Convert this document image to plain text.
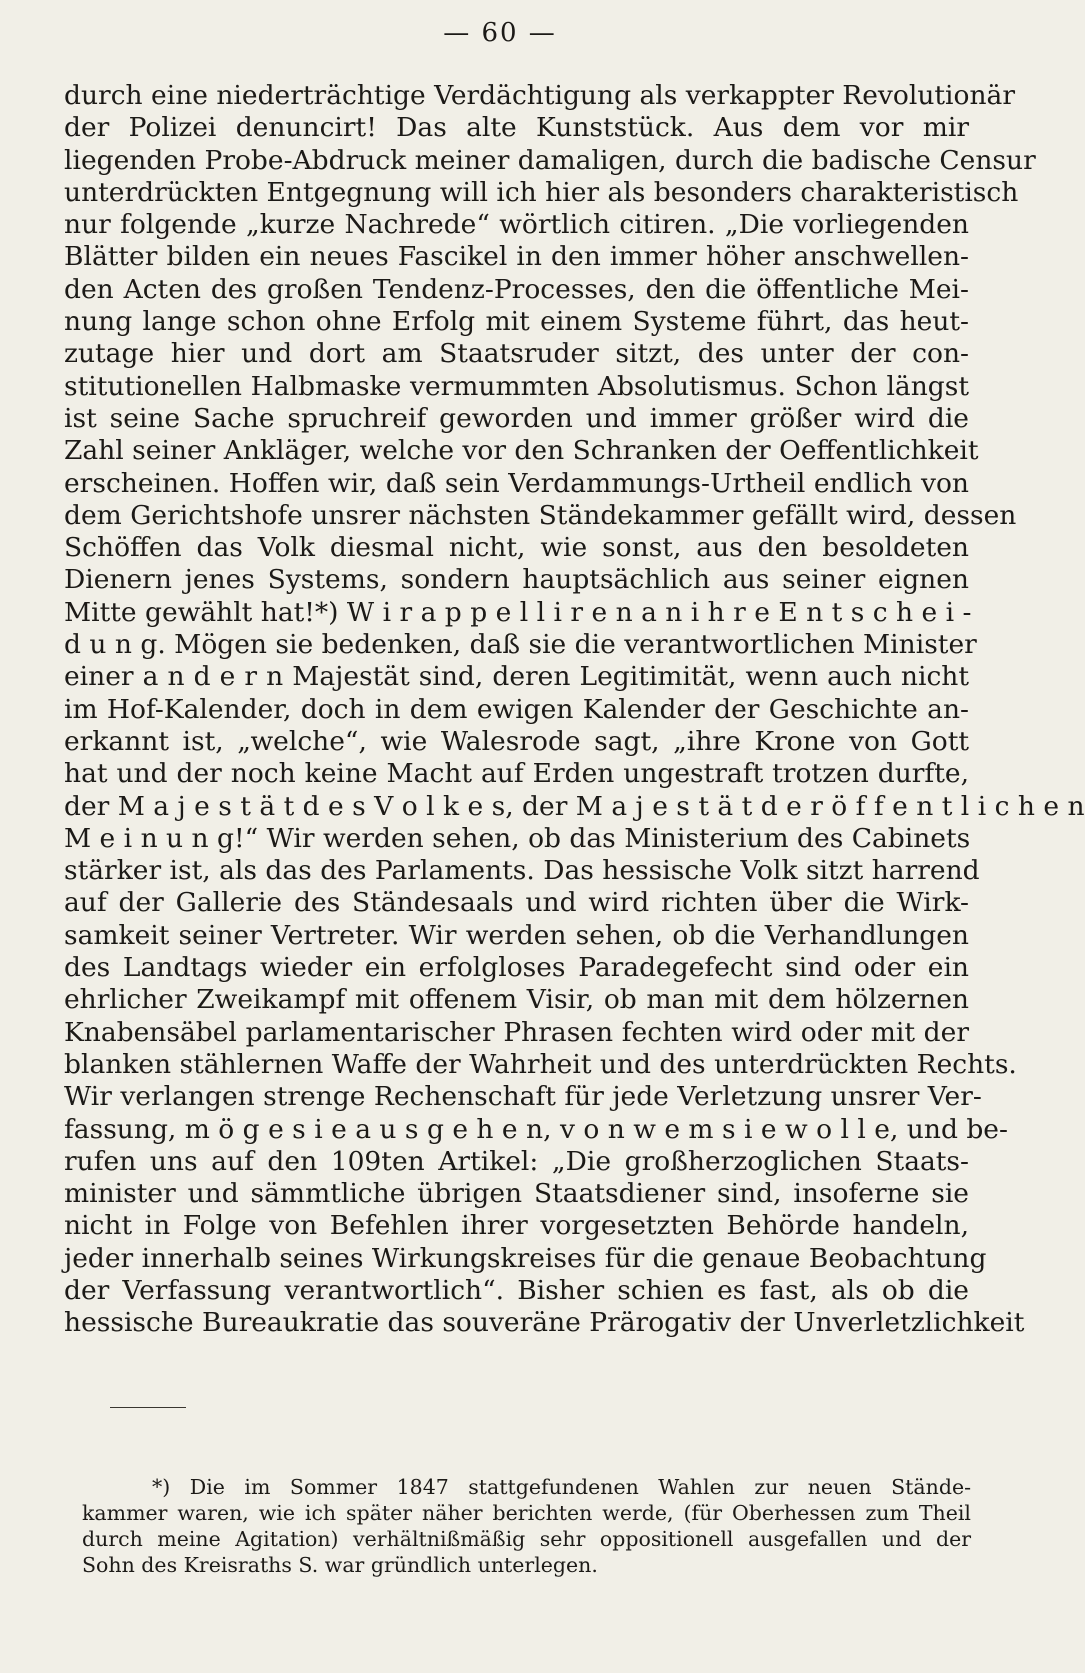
— 60 —
durch eine niederträchtige Verdächtigung als verkappter Revolutionär
der Polizei denuncirt! Das alte Kunststück. Aus dem vor mir
liegenden Probe-Abdruck meiner damaligen, durch die badische Censur
unterdrückten Entgegnung will ich hier als besonders charakteristisch
nur folgende „kurze Nachrede“ wörtlich citiren. „Die vorliegenden
Blätter bilden ein neues Fascikel in den immer höher anschwellen-
den Acten des großen Tendenz-Processes, den die öffentliche Mei-
nung lange schon ohne Erfolg mit einem Systeme führt, das heut-
zutage hier und dort am Staatsruder sitzt, des unter der con-
stitutionellen Halbmaske vermummten Absolutismus. Schon längst
ist seine Sache spruchreif geworden und immer größer wird die
Zahl seiner Ankläger, welche vor den Schranken der Oeffentlichkeit
erscheinen. Hoffen wir, daß sein Verdammungs-Urtheil endlich von
dem Gerichtshofe unsrer nächsten Ständekammer gefällt wird, dessen
Schöffen das Volk diesmal nicht, wie sonst, aus den besoldeten
Dienern jenes Systems, sondern hauptsächlich aus seiner eignen
Mitte gewählt hat!*) W i r a p p e l l i r e n a n i h r e E n t s c h e i -
d u n g. Mögen sie bedenken, daß sie die verantwortlichen Minister
einer a n d e r n Majestät sind, deren Legitimität, wenn auch nicht
im Hof-Kalender, doch in dem ewigen Kalender der Geschichte an-
erkannt ist, „welche“, wie Walesrode sagt, „ihre Krone von Gott
hat und der noch keine Macht auf Erden ungestraft trotzen durfte,
der M a j e s t ä t d e s V o l k e s, der M a j e s t ä t d e r ö f f e n t l i c h e n
M e i n u n g!“ Wir werden sehen, ob das Ministerium des Cabinets
stärker ist, als das des Parlaments. Das hessische Volk sitzt harrend
auf der Gallerie des Ständesaals und wird richten über die Wirk-
samkeit seiner Vertreter. Wir werden sehen, ob die Verhandlungen
des Landtags wieder ein erfolgloses Paradegefecht sind oder ein
ehrlicher Zweikampf mit offenem Visir, ob man mit dem hölzernen
Knabensäbel parlamentarischer Phrasen fechten wird oder mit der
blanken stählernen Waffe der Wahrheit und des unterdrückten Rechts.
Wir verlangen strenge Rechenschaft für jede Verletzung unsrer Ver-
fassung, m ö g e s i e a u s g e h e n, v o n w e m s i e w o l l e, und be-
rufen uns auf den 109ten Artikel: „Die großherzoglichen Staats-
minister und sämmtliche übrigen Staatsdiener sind, insoferne sie
nicht in Folge von Befehlen ihrer vorgesetzten Behörde handeln,
jeder innerhalb seines Wirkungskreises für die genaue Beobachtung
der Verfassung verantwortlich“. Bisher schien es fast, als ob die
hessische Bureaukratie das souveräne Prärogativ der Unverletzlichkeit
*) Die im Sommer 1847 stattgefundenen Wahlen zur neuen Stände-
kammer waren, wie ich später näher berichten werde, (für Oberhessen zum Theil
durch meine Agitation) verhältnißmäßig sehr oppositionell ausgefallen und der
Sohn des Kreisraths S. war gründlich unterlegen.
